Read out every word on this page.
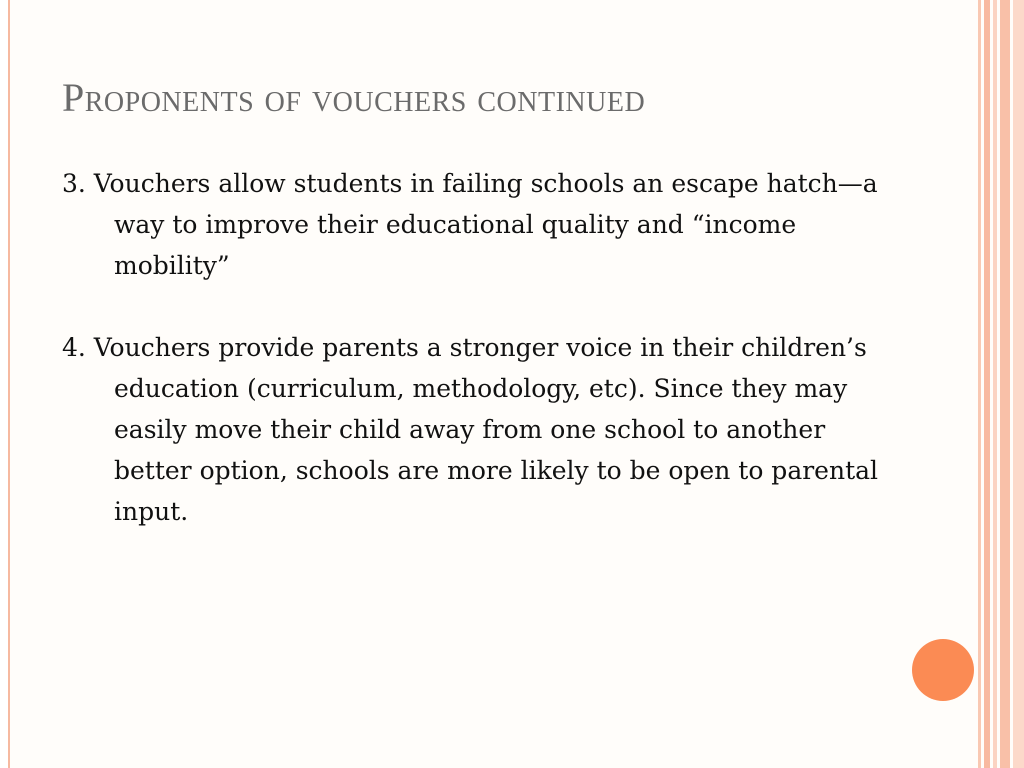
Proponents of vouchers continued

3. Vouchers allow students in failing schools an escape hatch—a way to improve their educational quality and “income mobility”

4. Vouchers provide parents a stronger voice in their children’s education (curriculum, methodology, etc). Since they may easily move their child away from one school to another better option, schools are more likely to be open to parental input.
